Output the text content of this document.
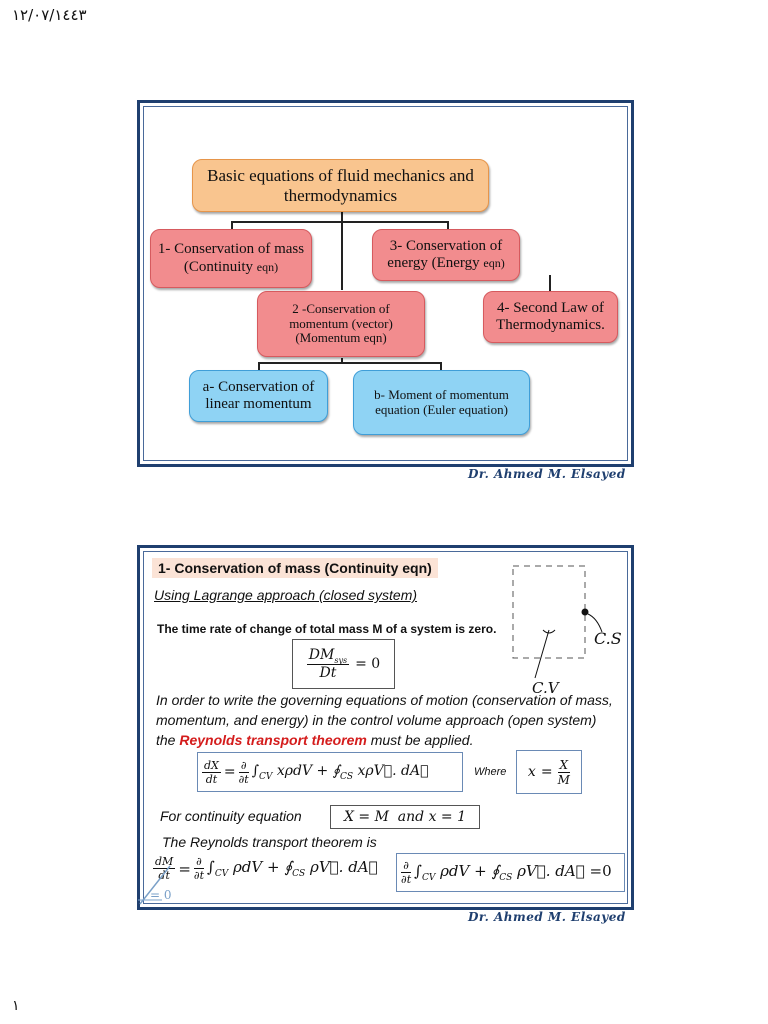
١٢/٠٧/١٤٤٣
١
Basic equations of fluid mechanics and thermodynamics
1- Conservation of mass (Continuity eqn)
3- Conservation of energy (Energy eqn)
2 -Conservation of momentum (vector) (Momentum eqn)
4- Second Law of Thermodynamics.
a- Conservation of linear momentum
b- Moment of momentum equation (Euler equation)
Dr. Ahmed M. Elsayed
1- Conservation of mass (Continuity eqn)
Using Lagrange approach (closed system)
The time rate of change of total mass M of a system is zero.
$\frac{DM_{sys}}{Dt} = 0$
C.S
C.V
In order to write the governing equations of motion (conservation of mass, momentum, and energy) in the control volume approach (open system) the Reynolds transport theorem must be applied.
$\frac{dX}{dt} = \frac{\partial}{\partial t} \int_{CV}$ $x\rho dV + ∮_{CS}$ xρV⃗. dA⃗	Where $x = \frac{X}{M}$
For continuity equation	X = M  and x = 1
The Reynolds transport theorem is
$\frac{dM}{dt} = \frac{\partial}{\partial t} \int_{CV}$ $\rho dV + ∮_{CS}$ ρV⃗. dA⃗ $\frac{\partial}{\partial t} \int_{CV}$ $\rho dV + ∮_{CS}$ ρV⃗. dA⃗ =0
= 0
Dr. Ahmed M. Elsayed
